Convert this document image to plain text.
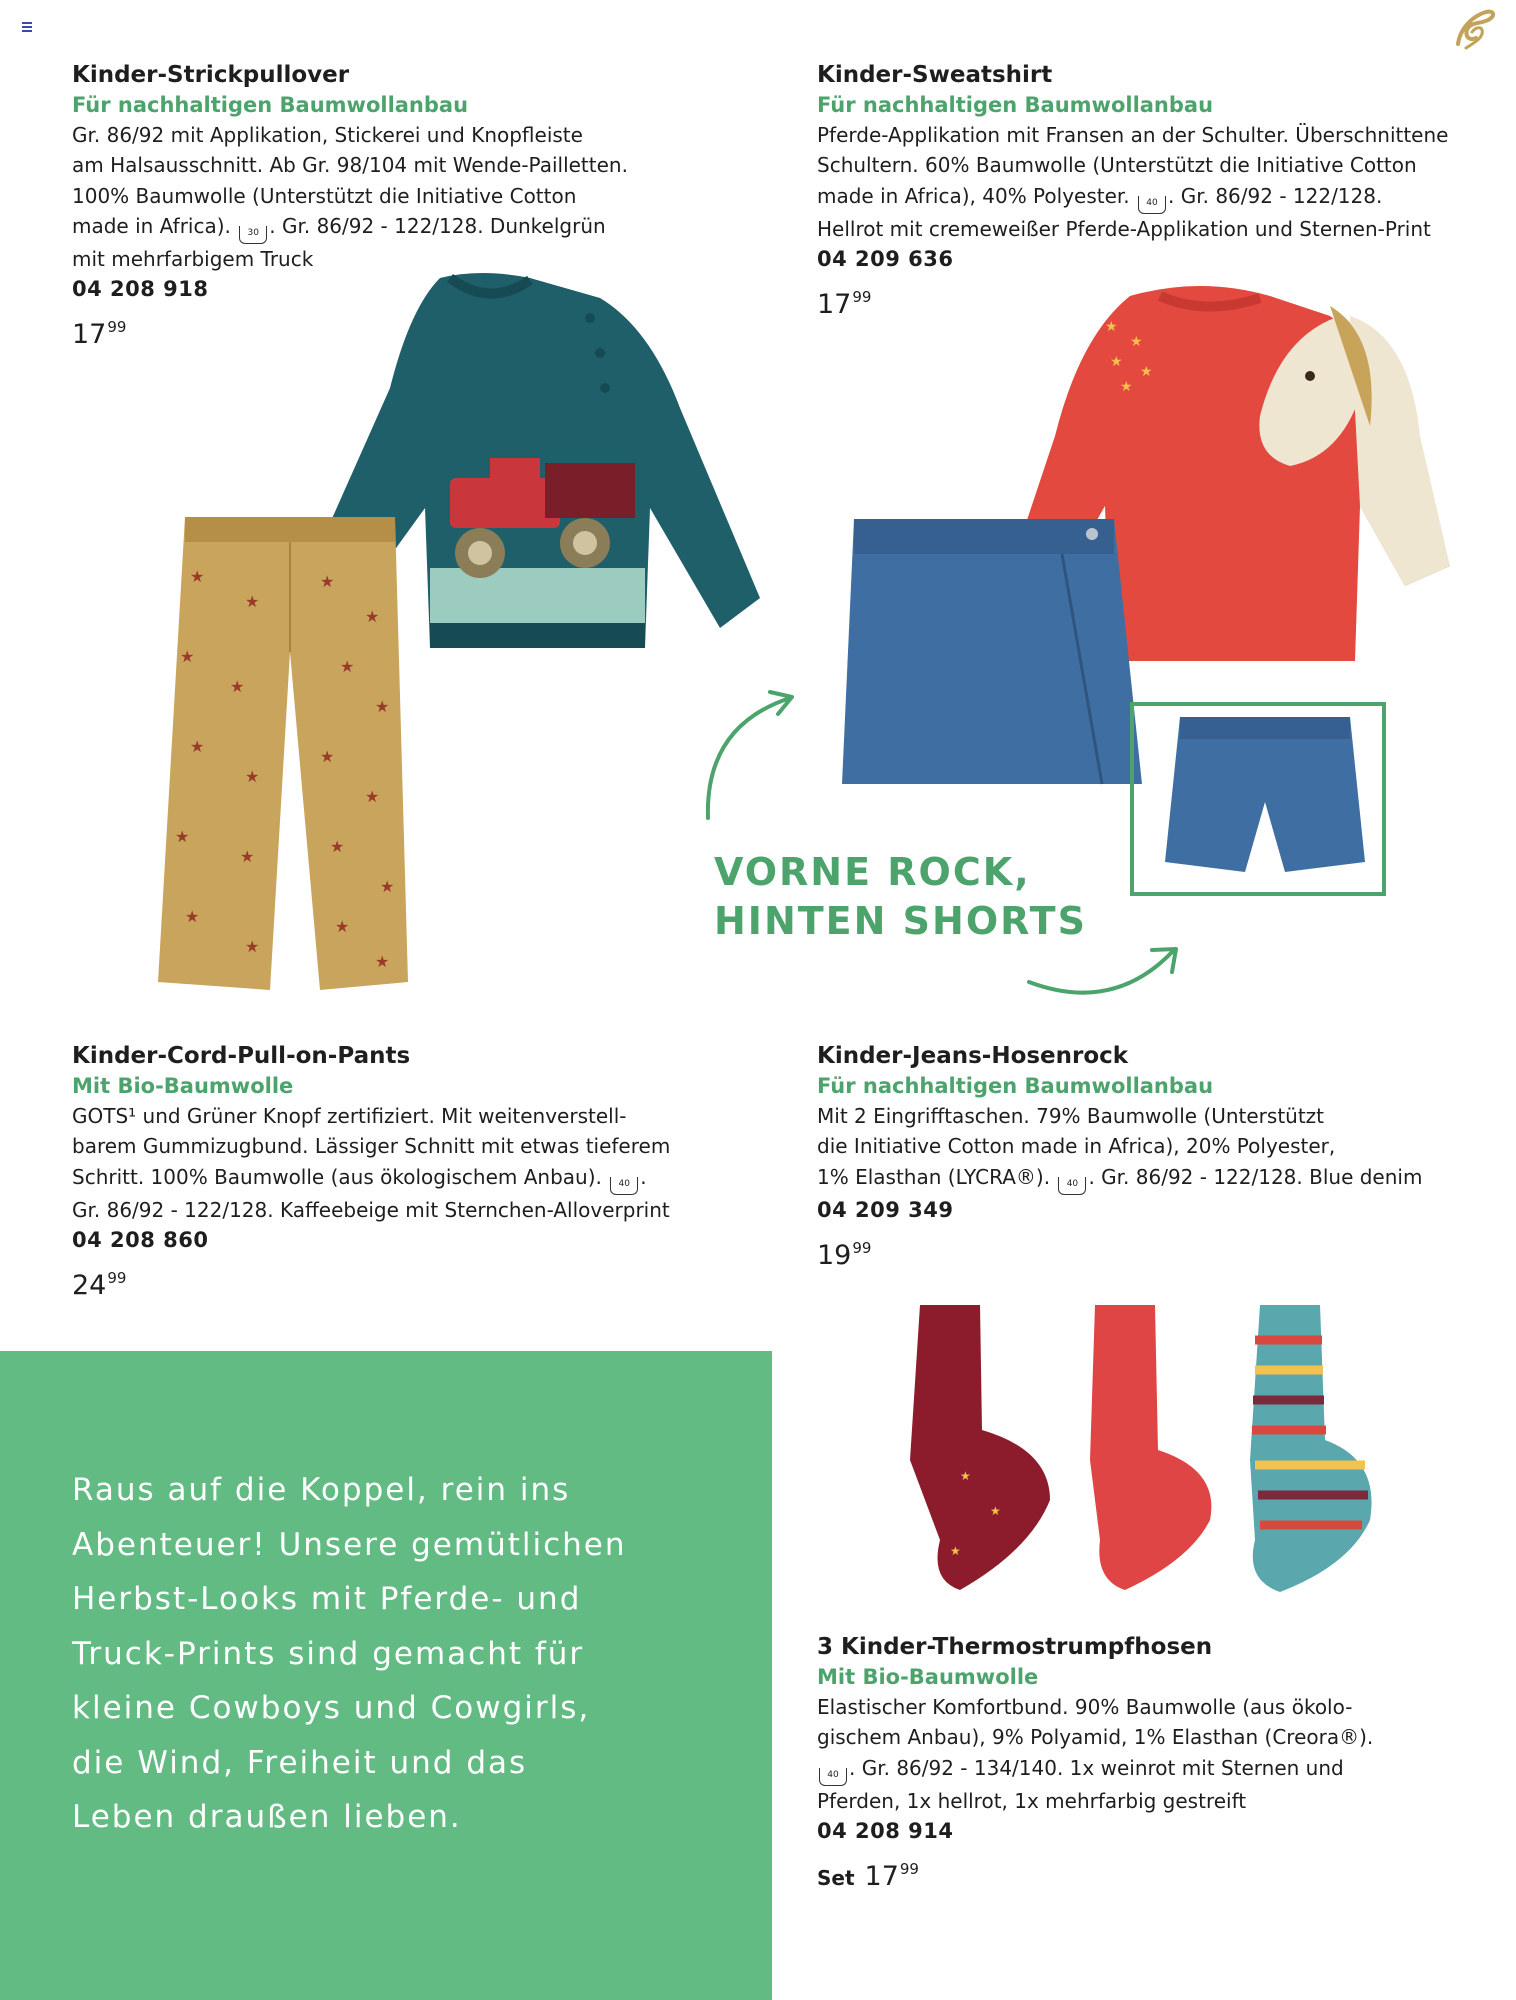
Kinder-Strickpullover

Für nachhaltigen Baumwollanbau

Gr. 86/92 mit Applikation, Stickerei und Knopfleiste
am Halsausschnitt. Ab Gr. 98/104 mit Wende-Pailletten.
100% Baumwolle (Unterstützt die Initiative Cotton
made in Africa). 30 . Gr. 86/92 - 122/128. Dunkelgrün
mit mehrfarbigem Truck

04 208 918

$17^{99}$

Kinder-Sweatshirt

Für nachhaltigen Baumwollanbau

Pferde-Applikation mit Fransen an der Schulter. Überschnittene
Schultern. 60% Baumwolle (Unterstützt die Initiative Cotton
made in Africa), 40% Polyester. 40 . Gr. 86/92 - 122/128.
Hellrot mit cremeweißer Pferde-Applikation und Sternen-Print

04 209 636

$17^{99}$
★
★
★
★
★
★
★
★
★
★
★
★
★
★
★
★
★
★
★
★
★
★
★
★
★

VORNE ROCK,
HINTEN SHORTS

Kinder-Cord-Pull-on-Pants

Mit Bio-Baumwolle

GOTS¹ und Grüner Knopf zertifiziert. Mit weitenverstell-
barem Gummizugbund. Lässiger Schnitt mit etwas tieferem
Schritt. 100% Baumwolle (aus ökologischem Anbau). 40 .
Gr. 86/92 - 122/128. Kaffeebeige mit Sternchen-Alloverprint

04 208 860

$24^{99}$

Kinder-Jeans-Hosenrock

Für nachhaltigen Baumwollanbau

Mit 2 Eingrifftaschen. 79% Baumwolle (Unterstützt
die Initiative Cotton made in Africa), 20% Polyester,
1% Elasthan (LYCRA®). 40 . Gr. 86/92 - 122/128. Blue denim

04 209 349

$19^{99}$
★
★
★

3 Kinder-Thermostrumpfhosen

Mit Bio-Baumwolle

Elastischer Komfortbund. 90% Baumwolle (aus ökolo-
gischem Anbau), 9% Polyamid, 1% Elasthan (Creora®).
40 . Gr. 86/92 - 134/140. 1x weinrot mit Sternen und
Pferden, 1x hellrot, 1x mehrfarbig gestreift

04 208 914

Set $17^{99}$

Raus auf die Koppel, rein ins
Abenteuer! Unsere gemütlichen
Herbst-Looks mit Pferde- und
Truck-Prints sind gemacht für
kleine Cowboys und Cowgirls,
die Wind, Freiheit und das
Leben draußen lieben.
